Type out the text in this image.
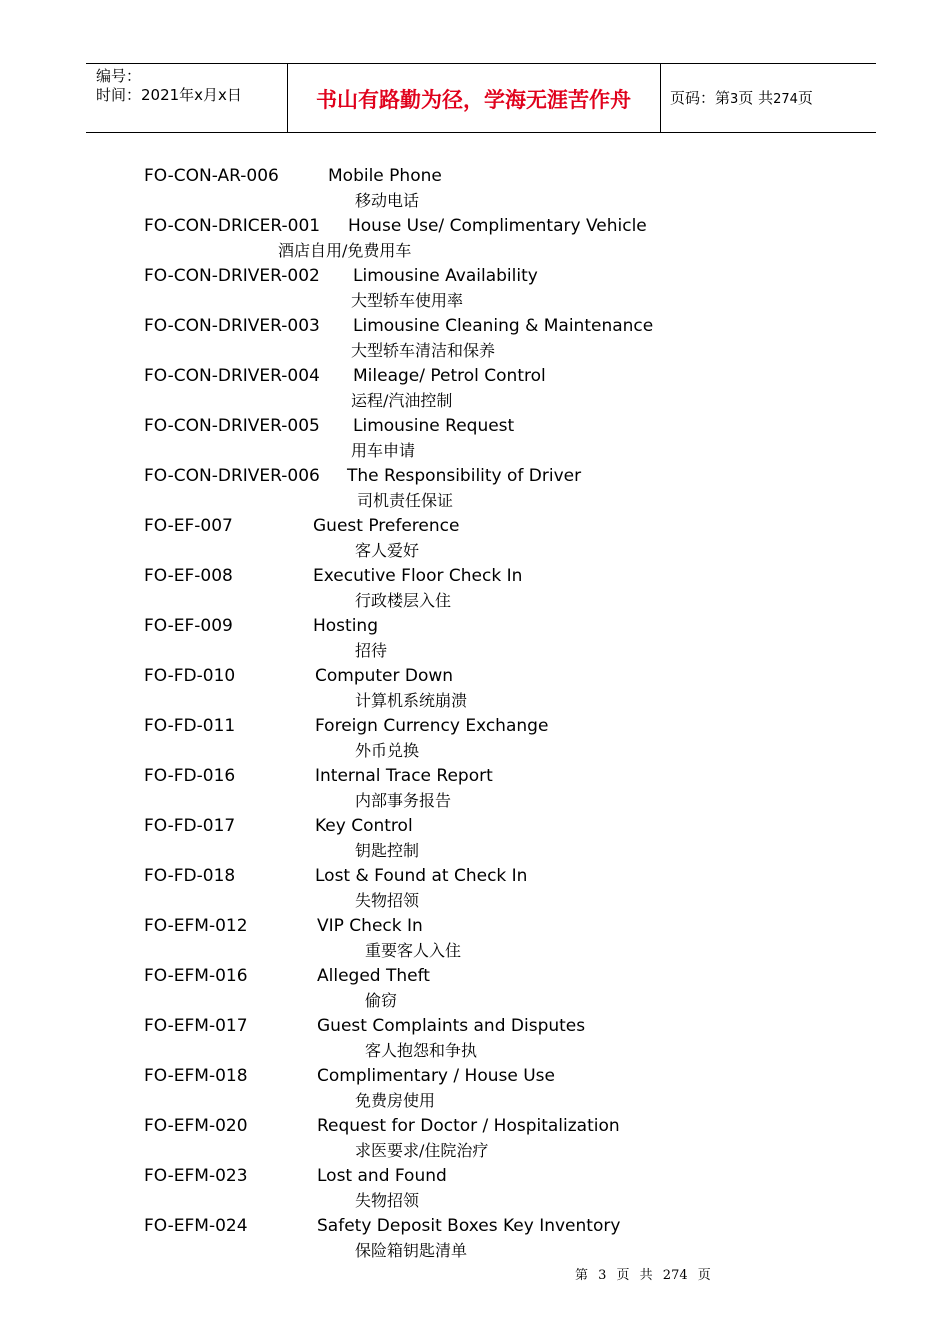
编号：
时间：2021年x月x日	书山有路勤为径，学海无涯苦作舟	页码：第3页 共274页
FO-CON-AR-006	Mobile Phone
移动电话
FO-CON-DRICER-001 House Use/ Complimentary Vehicle
酒店自用/免费用车
FO-CON-DRIVER-002 Limousine Availability
大型轿车使用率
FO-CON-DRIVER-003 Limousine Cleaning & Maintenance
大型轿车清洁和保养
FO-CON-DRIVER-004 Mileage/ Petrol Control
运程/汽油控制
FO-CON-DRIVER-005 Limousine Request
用车申请
FO-CON-DRIVER-006 The Responsibility of Driver
司机责任保证
FO-EF-007	Guest Preference
客人爱好
FO-EF-008	Executive Floor Check In
行政楼层入住
FO-EF-009	Hosting
招待
FO-FD-010	Computer Down
计算机系统崩溃
FO-FD-011	Foreign Currency Exchange
外币兑换
FO-FD-016	Internal Trace Report
内部事务报告
FO-FD-017	Key Control
钥匙控制
FO-FD-018	Lost & Found at Check In
失物招领
FO-EFM-012	VIP Check In
重要客人入住
FO-EFM-016	Alleged Theft
偷窃
FO-EFM-017	Guest Complaints and Disputes
客人抱怨和争执
FO-EFM-018	Complimentary / House Use
免费房使用
FO-EFM-020	Request for Doctor / Hospitalization
求医要求/住院治疗
FO-EFM-023	Lost and Found
失物招领
FO-EFM-024	Safety Deposit Boxes Key Inventory
保险箱钥匙清单
第 3 页 共 274 页
